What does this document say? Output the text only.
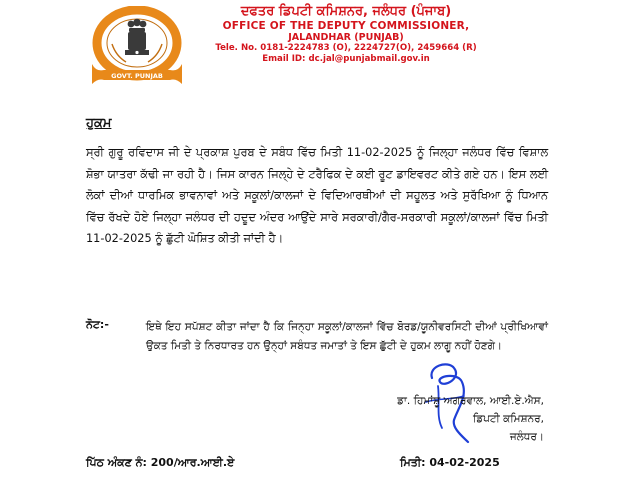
GOVT. PUNJAB
ਦਫਤਰ ਡਿਪਟੀ ਕਮਿਸ਼ਨਰ, ਜਲੰਧਰ (ਪੰਜਾਬ)
OFFICE OF THE DEPUTY COMMISSIONER,
JALANDHAR (PUNJAB)
Tele. No. 0181-2224783 (O), 2224727(O), 2459664 (R)
Email ID: dc.jal@punjabmail.gov.in
ਹੁਕਮ

ਸ੍ਰੀ ਗੁਰੂ ਰਵਿਦਾਸ ਜੀ ਦੇ ਪ੍ਰਕਾਸ਼ ਪੁਰਬ ਦੇ ਸਬੰਧ ਵਿੱਚ ਮਿਤੀ 11-02-2025 ਨੂੰ ਜਿਲ੍ਹਾ ਜਲੰਧਰ ਵਿੱਚ ਵਿਸ਼ਾਲ ਸ਼ੋਭਾ ਯਾਤਰਾ ਕੱਢੀ ਜਾ ਰਹੀ ਹੈ। ਜਿਸ ਕਾਰਨ ਜਿਲ੍ਹੇ ਦੇ ਟਰੈਫਿਕ ਦੇ ਕਈ ਰੂਟ ਡਾਇਵਰਟ ਕੀਤੇ ਗਏ ਹਨ। ਇਸ ਲਈ ਲੋਕਾਂ ਦੀਆਂ ਧਾਰਮਿਕ ਭਾਵਨਾਵਾਂ ਅਤੇ ਸਕੂਲਾਂ/ਕਾਲਜਾਂ ਦੇ ਵਿਦਿਆਰਥੀਆਂ ਦੀ ਸਹੂਲਤ ਅਤੇ ਸੁਰੱਖਿਆ ਨੂੰ ਧਿਆਨ ਵਿੱਚ ਰੱਖਦੇ ਹੋਏ ਜਿਲ੍ਹਾ ਜਲੰਧਰ ਦੀ ਹਦੂਦ ਅੰਦਰ ਆਉਂਦੇ ਸਾਰੇ ਸਰਕਾਰੀ/ਗੈਰ-ਸਰਕਾਰੀ ਸਕੂਲਾਂ/ਕਾਲਜਾਂ ਵਿੱਚ ਮਿਤੀ 11-02-2025 ਨੂੰ ਛੁੱਟੀ ਘੋਸ਼ਿਤ ਕੀਤੀ ਜਾਂਦੀ ਹੈ।

ਨੋਟ:-	ਇਥੇ ਇਹ ਸਪੱਸ਼ਟ ਕੀਤਾ ਜਾਂਦਾ ਹੈ ਕਿ ਜਿਨ੍ਹਾ ਸਕੂਲਾਂ/ਕਾਲਜਾਂ ਵਿੱਚ ਬੋਰਡ/ਯੂਨੀਵਰਸਿਟੀ ਦੀਆਂ ਪ੍ਰੀਖਿਆਵਾਂ ਉਕਤ ਮਿਤੀ ਤੇ ਨਿਰਧਾਰਤ ਹਨ ਉਨ੍ਹਾਂ ਸਬੰਧਤ ਜਮਾਤਾਂ ਤੇ ਇਸ ਛੁੱਟੀ ਦੇ ਹੁਕਮ ਲਾਗੂ ਨਹੀਂ ਹੋਣਗੇ।

ਡਾ. ਹਿਮਾਂਸ਼ੂ ਅਗਰਵਾਲ, ਆਈ.ਏ.ਐਸ,
ਡਿਪਟੀ ਕਮਿਸ਼ਨਰ,
ਜਲੰਧਰ।
ਪਿੱਠ ਅੰਕਣ ਨੰ: 200/ਆਰ.ਆਈ.ਏ	ਮਿਤੀ: 04-02-2025
